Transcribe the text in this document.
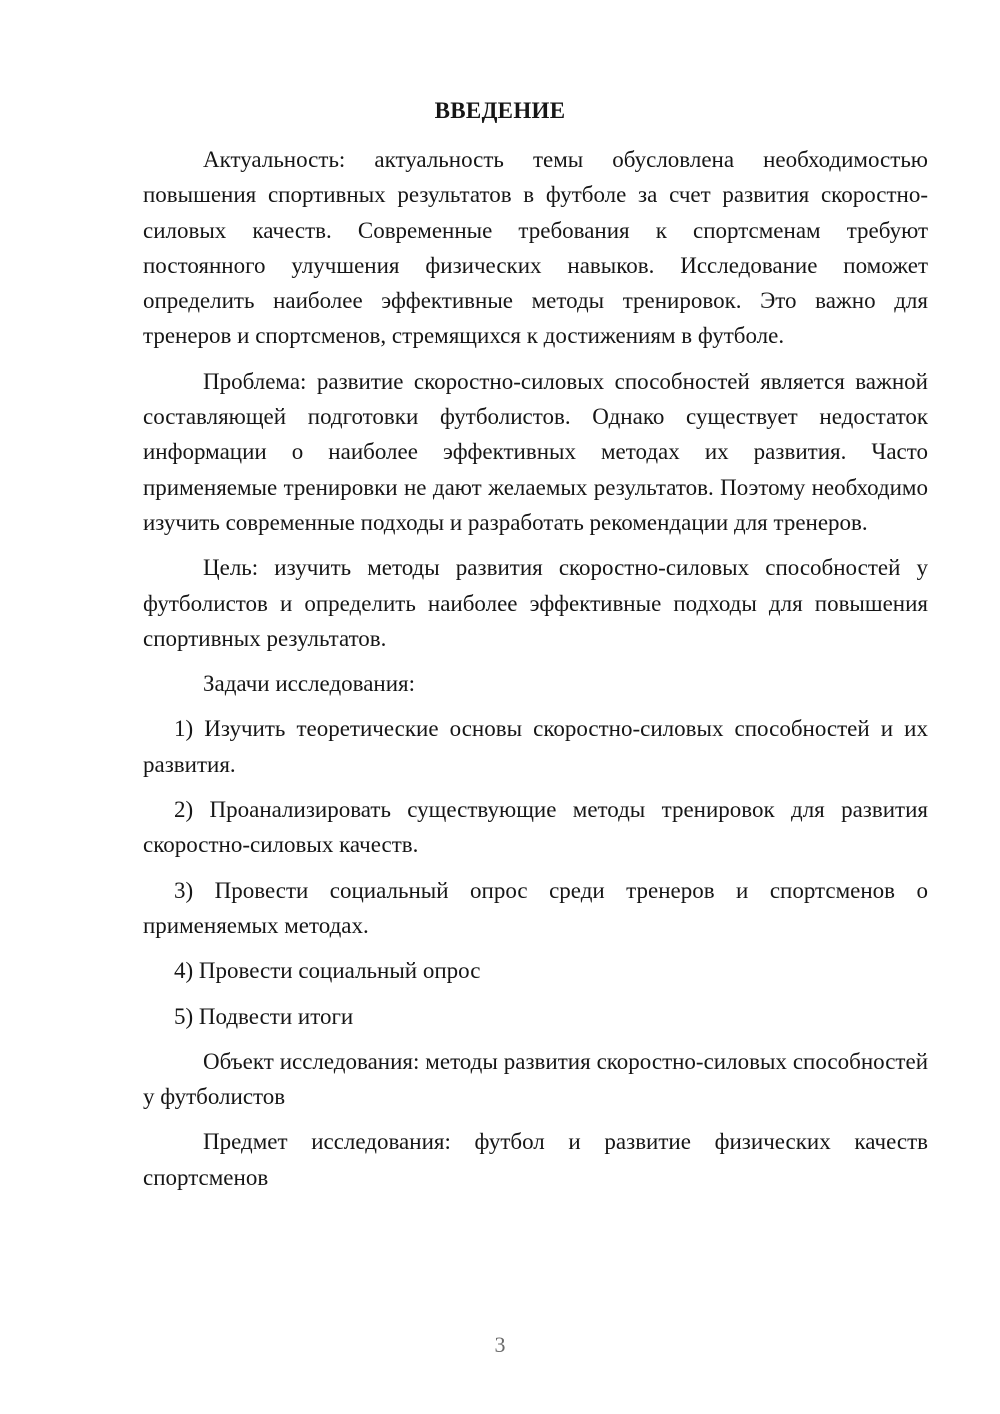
ВВЕДЕНИЕ

Актуальность: актуальность темы обусловлена необходимостью повышения спортивных результатов в футболе за счет развития скоростно-силовых качеств. Современные требования к спортсменам требуют постоянного улучшения физических навыков. Исследование поможет определить наиболее эффективные методы тренировок. Это важно для тренеров и спортсменов, стремящихся к достижениям в футболе.

Проблема: развитие скоростно-силовых способностей является важной составляющей подготовки футболистов. Однако существует недостаток информации о наиболее эффективных методах их развития. Часто применяемые тренировки не дают желаемых результатов. Поэтому необходимо изучить современные подходы и разработать рекомендации для тренеров.

Цель: изучить методы развития скоростно-силовых способностей у футболистов и определить наиболее эффективные подходы для повышения спортивных результатов.

Задачи исследования:

1) Изучить теоретические основы скоростно-силовых способностей и их развития.

2) Проанализировать существующие методы тренировок для развития скоростно-силовых качеств.

3) Провести социальный опрос среди тренеров и спортсменов о применяемых методах.

4) Провести социальный опрос

5) Подвести итоги

Объект исследования: методы развития скоростно-силовых способностей у футболистов

Предмет исследования: футбол и развитие физических качеств спортсменов

3
